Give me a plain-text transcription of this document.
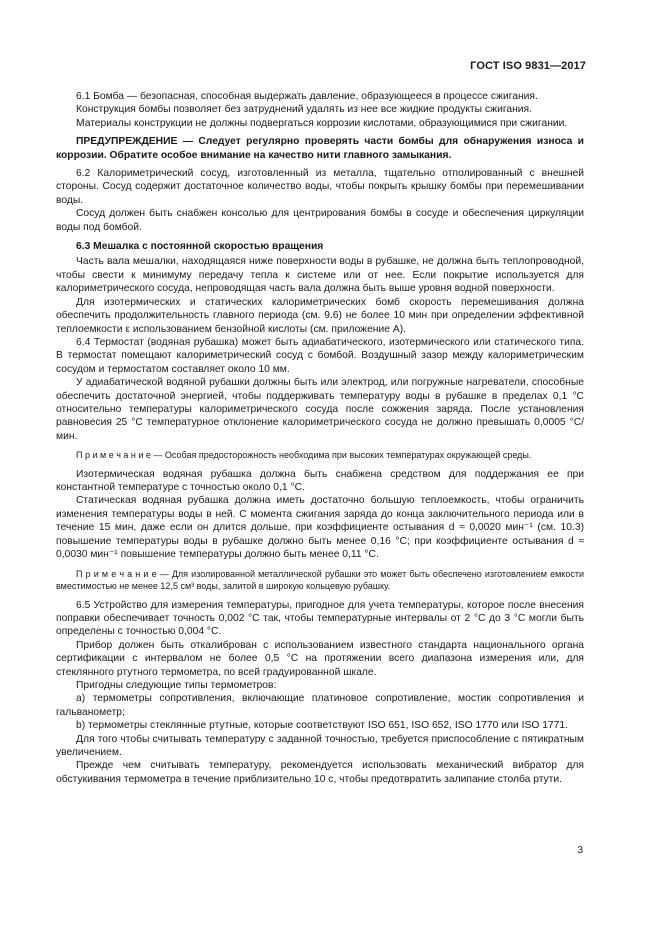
ГОСТ ISO 9831—2017

6.1 Бомба — безопасная, способная выдержать давление, образующееся в процессе сжигания.

Конструкция бомбы позволяет без затруднений удалять из нее все жидкие продукты сжигания.

Материалы конструкции не должны подвергаться коррозии кислотами, образующимися при сжигании.

ПРЕДУПРЕЖДЕНИЕ — Следует регулярно проверять части бомбы для обнаружения износа и коррозии. Обратите особое внимание на качество нити главного замыкания.

6.2 Калориметрический сосуд, изготовленный из металла, тщательно отполированный с внешней стороны. Сосуд содержит достаточное количество воды, чтобы покрыть крышку бомбы при перемешивании воды.

Сосуд должен быть снабжен консолью для центрирования бомбы в сосуде и обеспечения циркуляции воды под бомбой.

6.3 Мешалка с постоянной скоростью вращения

Часть вала мешалки, находящаяся ниже поверхности воды в рубашке, не должна быть теплопроводной, чтобы свести к минимуму передачу тепла к системе или от нее. Если покрытие используется для калориметрического сосуда, непроводящая часть вала должна быть выше уровня водной поверхности.

Для изотермических и статических калориметрических бомб скорость перемешивания должна обеспечить продолжительность главного периода (см. 9.6) не более 10 мин при определении эффективной теплоемкости ε использованием бензойной кислоты (см. приложение А).

6.4 Термостат (водяная рубашка) может быть адиабатического, изотермического или статического типа. В термостат помещают калориметрический сосуд с бомбой. Воздушный зазор между калориметрическим сосудом и термостатом составляет около 10 мм.

У адиабатической водяной рубашки должны быть или электрод, или погружные нагреватели, способные обеспечить достаточной энергией, чтобы поддерживать температуру воды в рубашке в пределах 0,1 °С относительно температуры калориметрического сосуда после сожжения заряда. После установления равновесия 25 °С температурное отклонение калориметрического сосуда не должно превышать 0,0005 °С/мин.

П р и м е ч а н и е — Особая предосторожность необходима при высоких температурах окружающей среды.

Изотермическая водяная рубашка должна быть снабжена средством для поддержания ее при константной температуре с точностью около 0,1 °С.

Статическая водяная рубашка должна иметь достаточно большую теплоемкость, чтобы ограничить изменения температуры воды в ней. С момента сжигания заряда до конца заключительного периода или в течение 15 мин, даже если он длится дольше, при коэффициенте остывания d ≈ 0,0020 мин⁻¹ (см. 10.3) повышение температуры воды в рубашке должно быть менее 0,16 °С; при коэффициенте остывания d ≈ 0,0030 мин⁻¹ повышение температуры должно быть менее 0,11 °С.

П р и м е ч а н и е — Для изолированной металлической рубашки это может быть обеспечено изготовлением емкости вместимостью не менее 12,5 см³ воды, залитой в широкую кольцевую рубашку.

6.5 Устройство для измерения температуры, пригодное для учета температуры, которое после внесения поправки обеспечивает точность 0,002 °С так, чтобы температурные интервалы от 2 °С до 3 °С могли быть определены с точностью 0,004 °С.

Прибор должен быть откалиброван с использованием известного стандарта национального органа сертификации с интервалом не более 0,5 °С на протяжении всего диапазона измерения или, для стеклянного ртутного термометра, по всей градуированной шкале.

Пригодны следующие типы термометров:

а) термометры сопротивления, включающие платиновое сопротивление, мостик сопротивления и гальванометр;

b) термометры стеклянные ртутные, которые соответствуют ISO 651, ISO 652, ISO 1770 или ISO 1771.

Для того чтобы считывать температуру с заданной точностью, требуется приспособление с пятикратным увеличением.

Прежде чем считывать температуру, рекомендуется использовать механический вибратор для обстукивания термометра в течение приблизительно 10 с, чтобы предотвратить залипание столба ртути.

3
